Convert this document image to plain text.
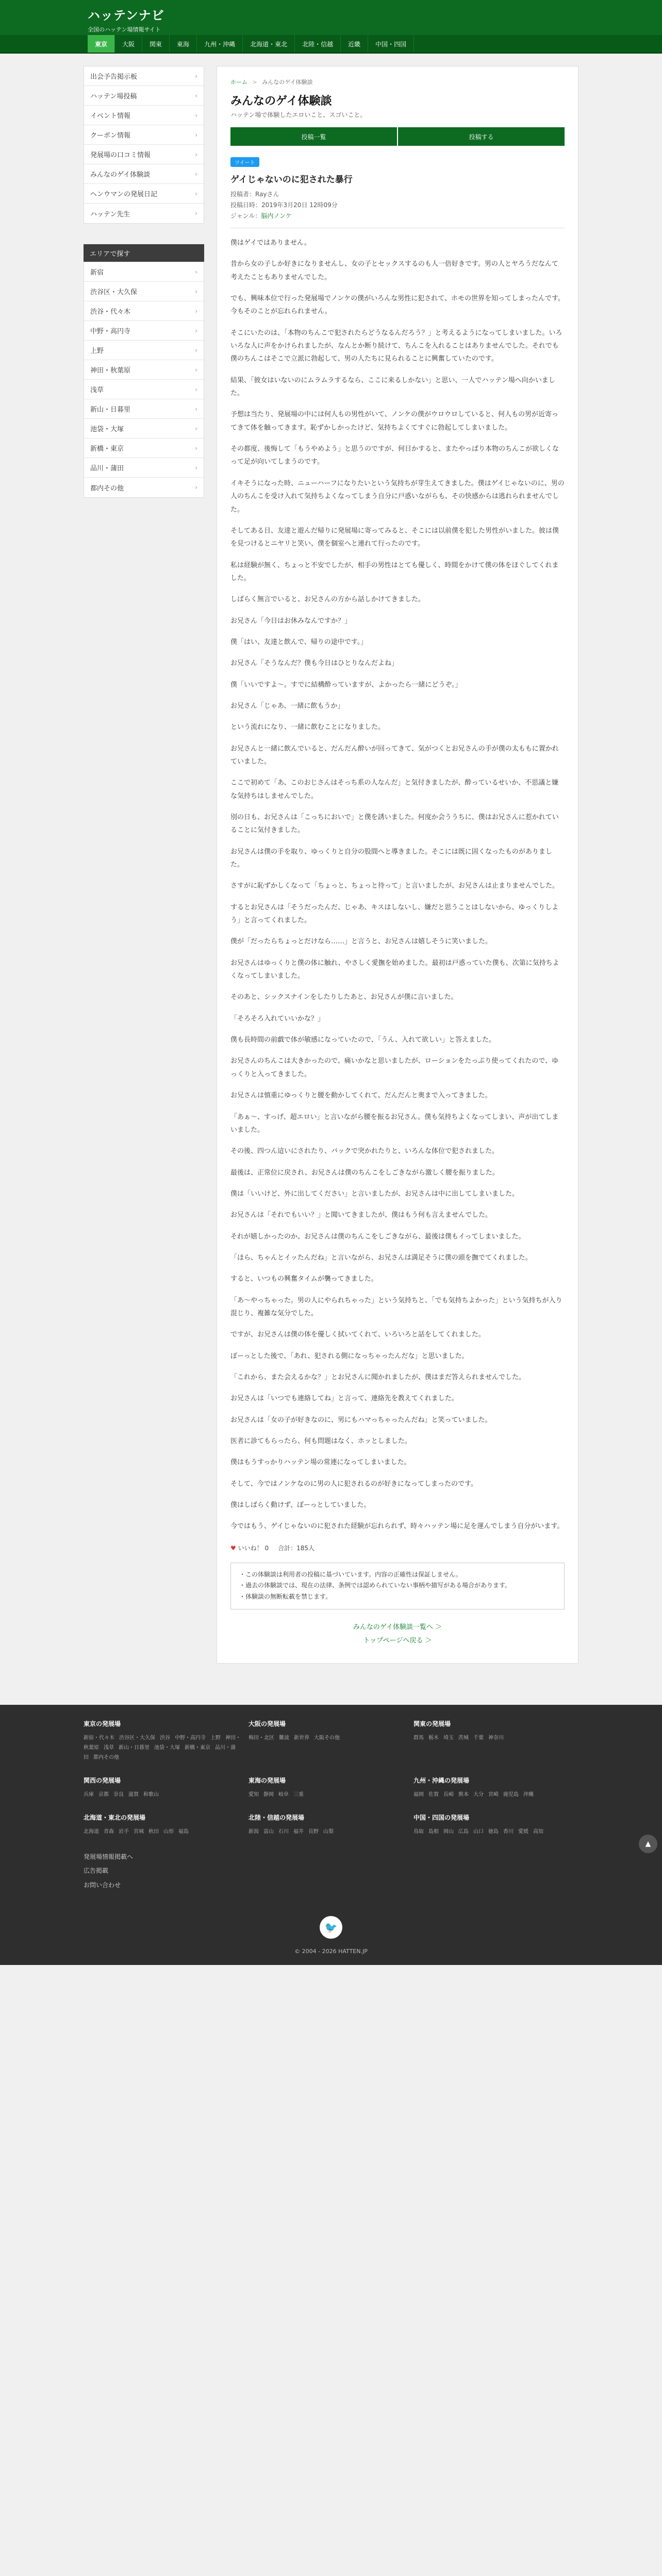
ハッテンナビ
全国のハッテン場情報サイト
東京	大阪	関東	東海	九州・沖縄	北海道・東北	北陸・信越	近畿	中国・四国
出会予告掲示板	›
ハッテン場投稿	›
イベント情報	›
クーポン情報	›
発展場の口コミ情報	›
みんなのゲイ体験談	›
ヘンウマンの発展日記	›
ハッテン先生	›
エリアで探す
新宿	›
渋谷区・大久保	›
渋谷・代々木	›
中野・高円寺	›
上野	›
神田・秋葉原	›
浅草	›
新山・日暮里	›
池袋・大塚	›
新橋・東京	›
品川・蒲田	›
都内その他	›
ホーム > みんなのゲイ体験談
みんなのゲイ体験談
ハッテン場で体験したエロいこと、スゴいこと。
投稿一覧	投稿する
ツイート
ゲイじゃないのに犯された暴行
投稿者：Rayさん
投稿日時：2019年3月20日 12時09分
ジャンル：脳内ノンケ

僕はゲイではありません。

昔から女の子しか好きになりませんし、女の子とセックスするのも人一倍好きです。男の人とヤろうだなんて考えたこともありませんでした。

でも、興味本位で行った発展場でノンケの僕がいろんな男性に犯されて、ホモの世界を知ってしまったんです。今もそのことが忘れられません。

そこにいたのは、「本物のちんこで犯されたらどうなるんだろう？」と考えるようになってしまいました。いろいろな人に声をかけられましたが、なんとか断り続けて、ちんこを入れることはありませんでした。それでも僕のちんこはそこで立派に勃起して、男の人たちに見られることに興奮していたのです。

結果、「彼女はいないのにムラムラするなら、ここに来るしかない」と思い、一人でハッテン場へ向かいました。

予想は当たり、発展場の中には何人もの男性がいて、ノンケの僕がウロウロしていると、何人もの男が近寄ってきて体を触ってきます。恥ずかしかったけど、気持ちよくてすぐに勃起してしまいました。

その都度、後悔して「もうやめよう」と思うのですが、何日かすると、またやっぱり本物のちんこが欲しくなって足が向いてしまうのです。

イキそうになった時、ニューハーフになりたいという気持ちが芽生えてきました。僕はゲイじゃないのに、男の人のちんこを受け入れて気持ちよくなってしまう自分に戸惑いながらも、その快感からは逃れられませんでした。

そしてある日、友達と遊んだ帰りに発展場に寄ってみると、そこには以前僕を犯した男性がいました。彼は僕を見つけるとニヤリと笑い、僕を個室へと連れて行ったのです。

私は経験が無く、ちょっと不安でしたが、相手の男性はとても優しく、時間をかけて僕の体をほぐしてくれました。

しばらく無言でいると、お兄さんの方から話しかけてきました。

お兄さん「今日はお休みなんですか？」

僕「はい、友達と飲んで、帰りの途中です。」

お兄さん「そうなんだ？僕も今日はひとりなんだよね」

僕「いいですよ～。すでに結構酔っていますが、よかったら一緒にどうぞ。」

お兄さん「じゃあ、一緒に飲もうか」

という流れになり、一緒に飲むことになりました。

お兄さんと一緒に飲んでいると、だんだん酔いが回ってきて、気がつくとお兄さんの手が僕の太ももに置かれていました。

ここで初めて「あ、このおじさんはそっち系の人なんだ」と気付きましたが、酔っているせいか、不思議と嫌な気持ちはしませんでした。

別の日も、お兄さんは「こっちにおいで」と僕を誘いました。何度か会ううちに、僕はお兄さんに惹かれていることに気付きました。

お兄さんは僕の手を取り、ゆっくりと自分の股間へと導きました。そこには既に固くなったものがありました。

さすがに恥ずかしくなって「ちょっと、ちょっと待って」と言いましたが、お兄さんは止まりませんでした。

するとお兄さんは「そうだったんだ、じゃあ、キスはしないし、嫌だと思うことはしないから、ゆっくりしよう」と言ってくれました。

僕が「だったらちょっとだけなら……」と言うと、お兄さんは嬉しそうに笑いました。

お兄さんはゆっくりと僕の体に触れ、やさしく愛撫を始めました。最初は戸惑っていた僕も、次第に気持ちよくなってしまいました。

そのあと、シックスナインをしたりしたあと、お兄さんが僕に言いました。

「そろそろ入れていいかな？」

僕も長時間の前戯で体が敏感になっていたので、「うん、入れて欲しい」と答えました。

お兄さんのちんこは大きかったので、痛いかなと思いましたが、ローションをたっぷり使ってくれたので、ゆっくりと入ってきました。

お兄さんは慎重にゆっくりと腰を動かしてくれて、だんだんと奥まで入ってきました。

「あぁ～、すっげ、超エロい」と言いながら腰を振るお兄さん。僕も気持ちよくなってしまい、声が出てしまいました。

その後、四つん這いにされたり、バックで突かれたりと、いろんな体位で犯されました。

最後は、正常位に戻され、お兄さんは僕のちんこをしごきながら激しく腰を振りました。

僕は「いいけど、外に出してください」と言いましたが、お兄さんは中に出してしまいました。

お兄さんは「それでもいい？」と聞いてきましたが、僕はもう何も言えませんでした。

それが嬉しかったのか、お兄さんは僕のちんこをしごきながら、最後は僕もイってしまいました。

「ほら、ちゃんとイッたんだね」と言いながら、お兄さんは満足そうに僕の頭を撫でてくれました。

すると、いつもの興奮タイムが襲ってきました。

「あ～やっちゃった。男の人にやられちゃった」という気持ちと、「でも気持ちよかった」という気持ちが入り混じり、複雑な気分でした。

ですが、お兄さんは僕の体を優しく拭いてくれて、いろいろと話をしてくれました。

ぽーっとした後で、「あれ、犯される側になっちゃったんだな」と思いました。

「これから、また会えるかな？」とお兄さんに聞かれましたが、僕はまだ答えられませんでした。

お兄さんは「いつでも連絡してね」と言って、連絡先を教えてくれました。

お兄さんは「女の子が好きなのに、男にもハマっちゃったんだね」と笑っていました。

医者に診てもらったら、何も問題はなく、ホッとしました。

僕はもうすっかりハッテン場の常連になってしまいました。

そして、今ではノンケなのに男の人に犯されるのが好きになってしまったのです。

僕はしばらく動けず、ぼーっとしていました。

今ではもう、ゲイじゃないのに犯された経験が忘れられず、時々ハッテン場に足を運んでしまう自分がいます。

♥ いいね！ 0 合計：185人
・この体験談は利用者の投稿に基づいています。内容の正確性は保証しません。
・過去の体験談では、現在の法律、条例では認められていない事柄や描写がある場合があります。
・体験談の無断転載を禁じます。
みんなのゲイ体験談一覧へ ＞
トップページへ戻る ＞
▲
東京の発展場
新宿・代々木 渋谷区・大久保 渋谷 中野・高円寺 上野 神田・秋葉原 浅草 新山・日暮里 池袋・大塚 新橋・東京 品川・蒲田 都内その他
大阪の発展場
梅田・北区 難波 新世界 大阪その他
関東の発展場
群馬 栃木 埼玉 茨城 千葉 神奈川
関西の発展場
兵庫 京都 奈良 滋賀 和歌山
東海の発展場
愛知 静岡 岐阜 三重
九州・沖縄の発展場
福岡 佐賀 長崎 熊本 大分 宮崎 鹿児島 沖縄
北海道・東北の発展場
北海道 青森 岩手 宮城 秋田 山形 福島
北陸・信越の発展場
新潟 富山 石川 福井 長野 山梨
中国・四国の発展場
鳥取 島根 岡山 広島 山口 徳島 香川 愛媛 高知
発展場情報掲載へ
広告掲載
お問い合わせ
🐦
© 2004 - 2026 HATTEN.JP
